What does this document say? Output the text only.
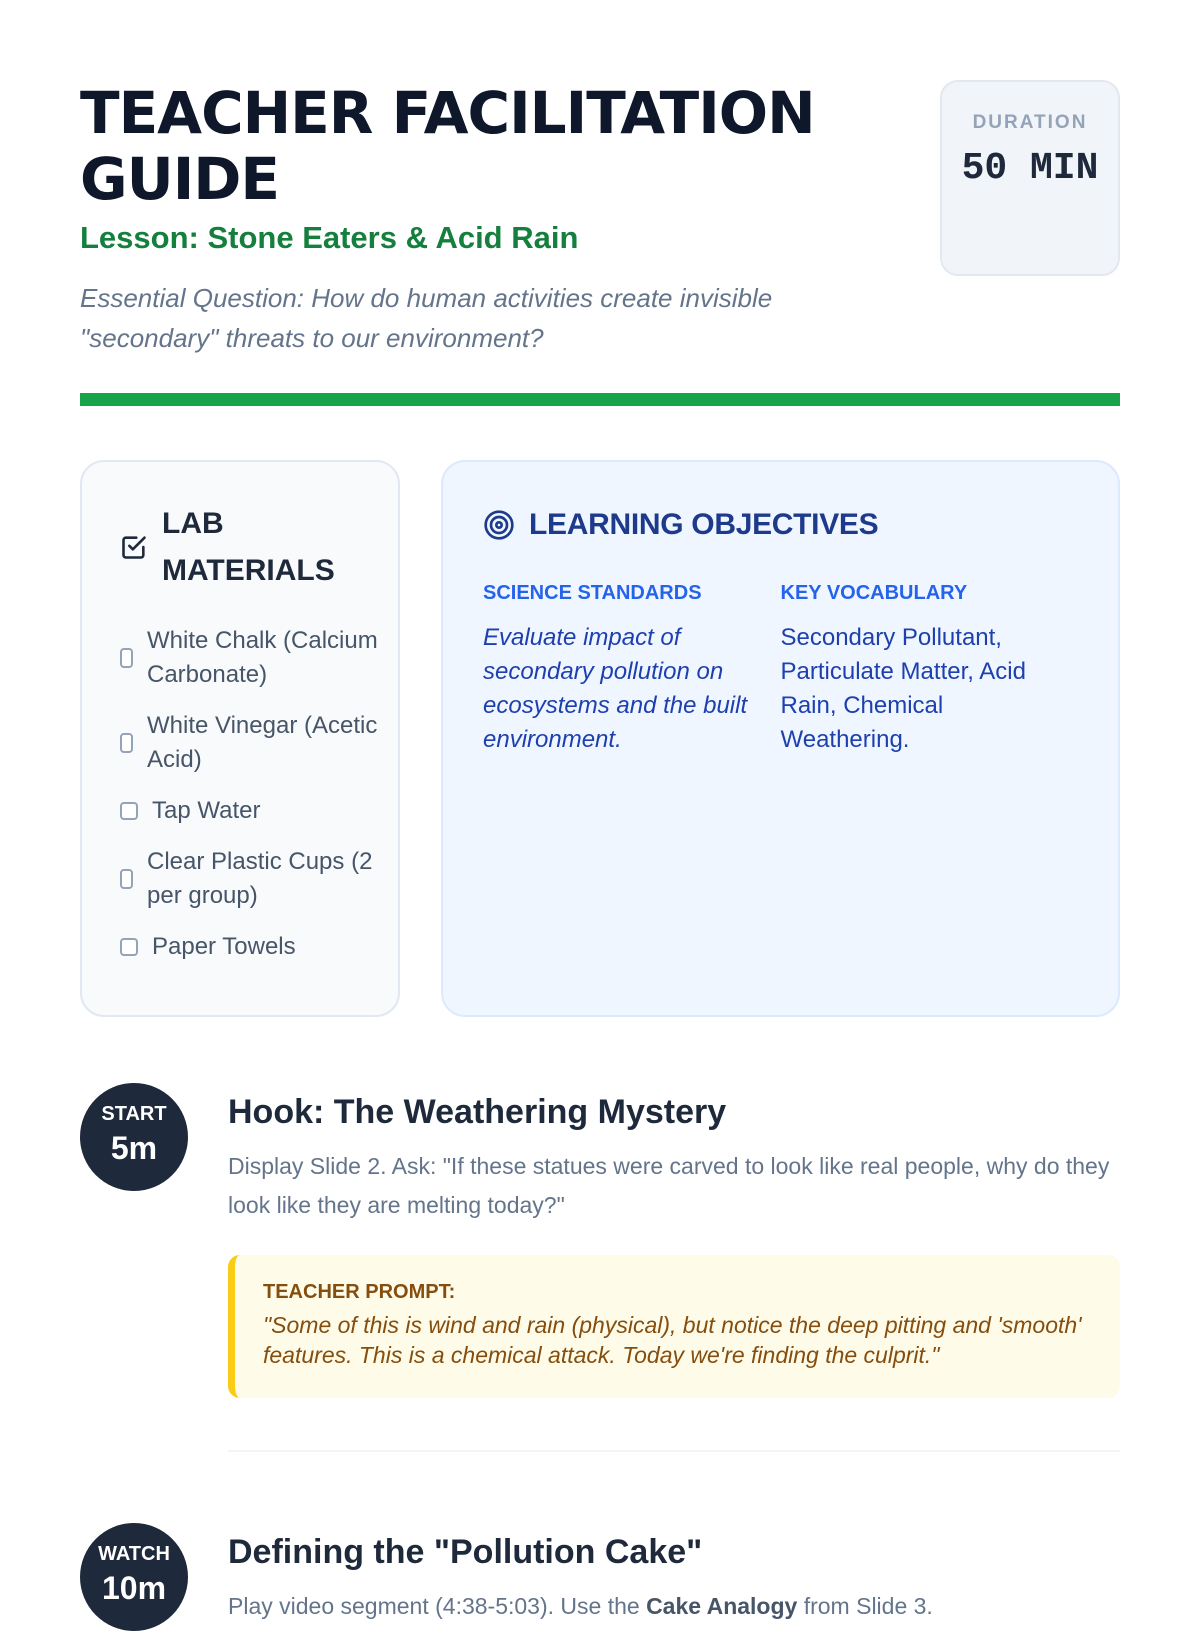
TEACHER FACILITATION GUIDE
Lesson: Stone Eaters & Acid Rain
Essential Question: How do human activities create invisible "secondary" threats to our environment?
DURATION
50 MIN
LAB MATERIALS
White Chalk (Calcium Carbonate)
White Vinegar (Acetic Acid)
Tap Water
Clear Plastic Cups (2 per group)
Paper Towels
LEARNING OBJECTIVES
SCIENCE STANDARDS
Evaluate impact of secondary pollution on ecosystems and the built environment.
KEY VOCABULARY
Secondary Pollutant, Particulate Matter, Acid Rain, Chemical Weathering.
START
5m
Hook: The Weathering Mystery
Display Slide 2. Ask: "If these statues were carved to look like real people, why do they look like they are melting today?"
TEACHER PROMPT:
"Some of this is wind and rain (physical), but notice the deep pitting and 'smooth' features. This is a chemical attack. Today we're finding the culprit."
WATCH
10m
Defining the "Pollution Cake"
Play video segment (4:38-5:03). Use the Cake Analogy from Slide 3.
